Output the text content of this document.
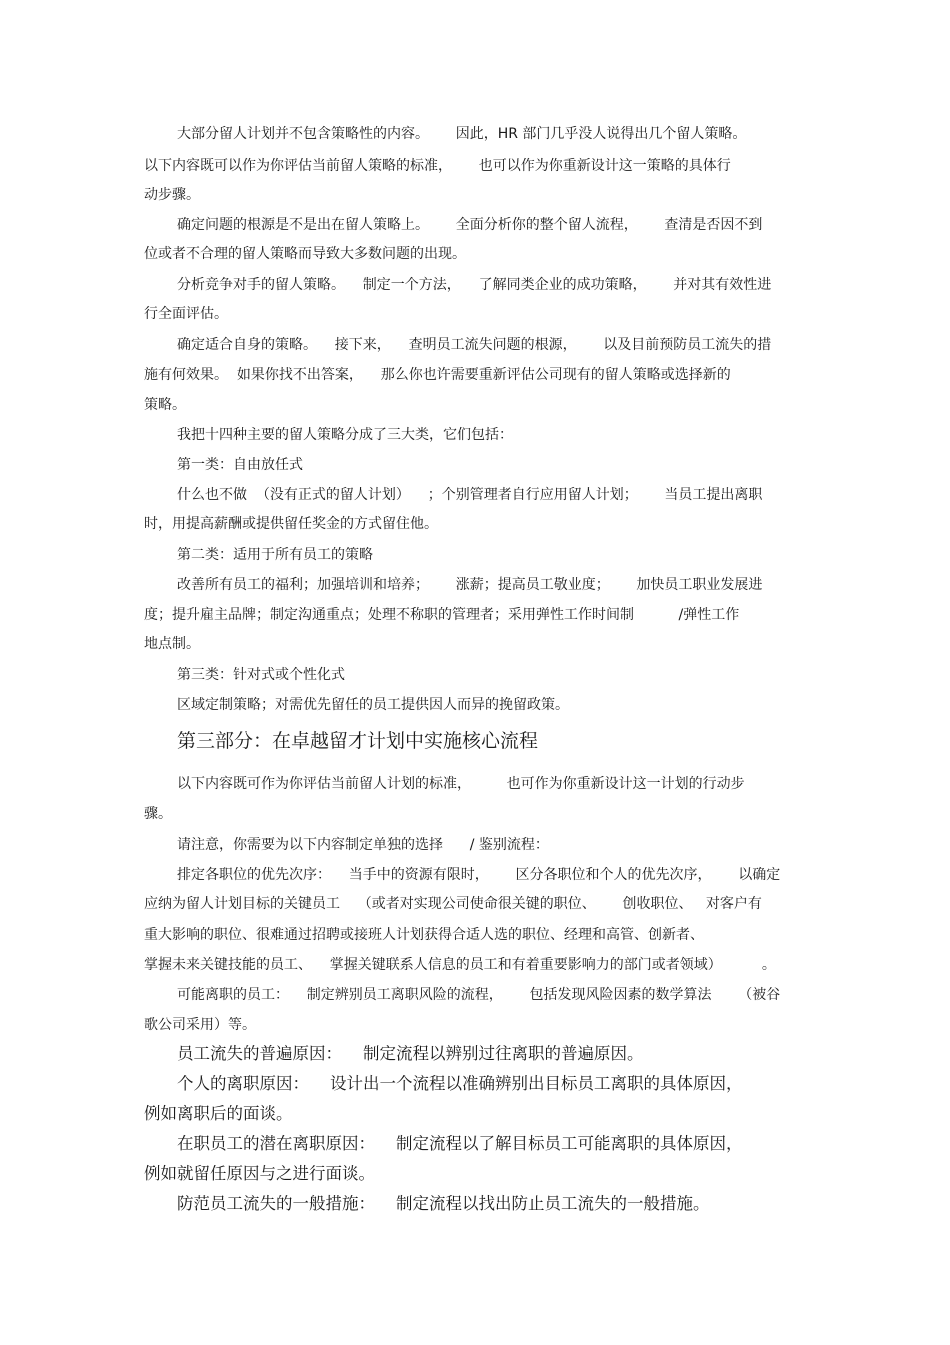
大部分留人计划并不包含策略性的内容。      因此，HR 部门几乎没人说得出几个留人策略。
以下内容既可以作为你评估当前留人策略的标准，      也可以作为你重新设计这一策略的具体行
动步骤。
确定问题的根源是不是出在留人策略上。      全面分析你的整个留人流程，      查清是否因不到
位或者不合理的留人策略而导致大多数问题的出现。
分析竞争对手的留人策略。    制定一个方法，    了解同类企业的成功策略，      并对其有效性进
行全面评估。
确定适合自身的策略。    接下来，    查明员工流失问题的根源，      以及目前预防员工流失的措
施有何效果。  如果你找不出答案，    那么你也许需要重新评估公司现有的留人策略或选择新的
策略。
我把十四种主要的留人策略分成了三大类，它们包括：
第一类：自由放任式
什么也不做  （没有正式的留人计划）    ；个别管理者自行应用留人计划；      当员工提出离职
时，用提高薪酬或提供留任奖金的方式留住他。
第二类：适用于所有员工的策略
改善所有员工的福利；加强培训和培养；      涨薪；提高员工敬业度；      加快员工职业发展进
度；提升雇主品牌；制定沟通重点；处理不称职的管理者；采用弹性工作时间制          /弹性工作
地点制。
第三类：针对式或个性化式
区域定制策略；对需优先留任的员工提供因人而异的挽留政策。
第三部分：在卓越留才计划中实施核心流程
以下内容既可作为你评估当前留人计划的标准，        也可作为你重新设计这一计划的行动步
骤。
请注意，你需要为以下内容制定单独的选择      / 鉴别流程：
排定各职位的优先次序：    当手中的资源有限时，      区分各职位和个人的优先次序，      以确定
应纳为留人计划目标的关键员工    （或者对实现公司使命很关键的职位、      创收职位、   对客户有
重大影响的职位、很难通过招聘或接班人计划获得合适人选的职位、经理和高管、创新者、
掌握未来关键技能的员工、    掌握关键联系人信息的员工和有着重要影响力的部门或者领域）         。
可能离职的员工：    制定辨别员工离职风险的流程，      包括发现风险因素的数学算法      （被谷
歌公司采用）等。
员工流失的普遍原因：    制定流程以辨别过往离职的普遍原因。
个人的离职原因：    设计出一个流程以准确辨别出目标员工离职的具体原因，
例如离职后的面谈。
在职员工的潜在离职原因：    制定流程以了解目标员工可能离职的具体原因，
例如就留任原因与之进行面谈。
防范员工流失的一般措施：    制定流程以找出防止员工流失的一般措施。
